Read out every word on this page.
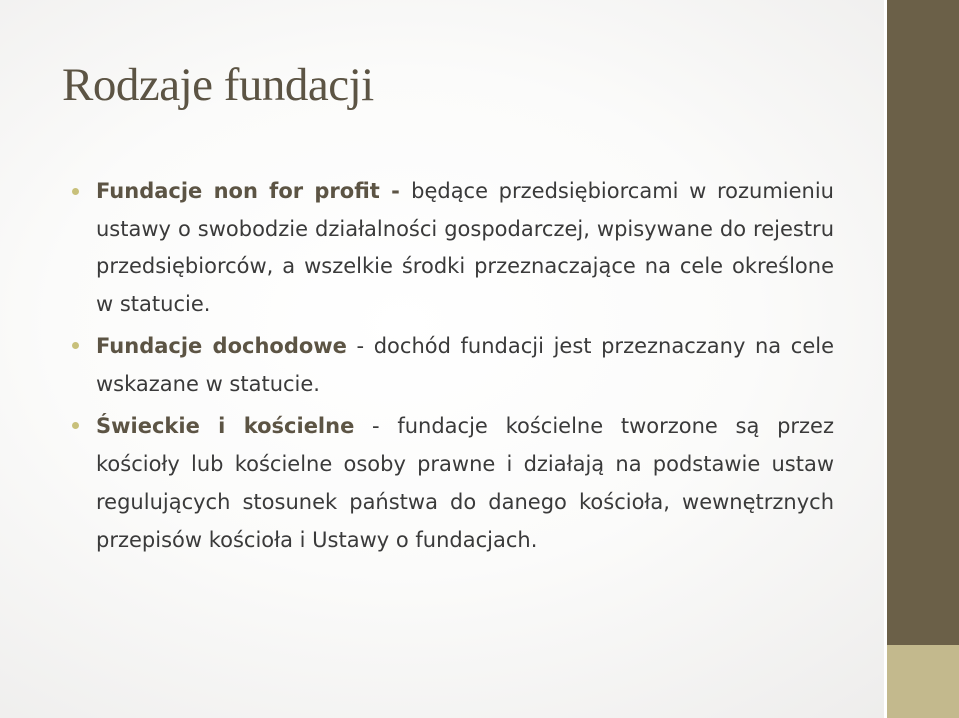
Rodzaje fundacji
Fundacje non for profit - będące przedsiębiorcami w rozumieniu ustawy o swobodzie działalności gospodarczej, wpisywane do rejestru przedsiębiorców, a wszelkie środki przeznaczające na cele określone w statucie.
Fundacje dochodowe - dochód fundacji jest przeznaczany na cele wskazane w statucie.
Świeckie i kościelne - fundacje kościelne tworzone są przez kościoły lub kościelne osoby prawne i działają na podstawie ustaw regulujących stosunek państwa do danego kościoła, wewnętrznych przepisów kościoła i Ustawy o fundacjach.
